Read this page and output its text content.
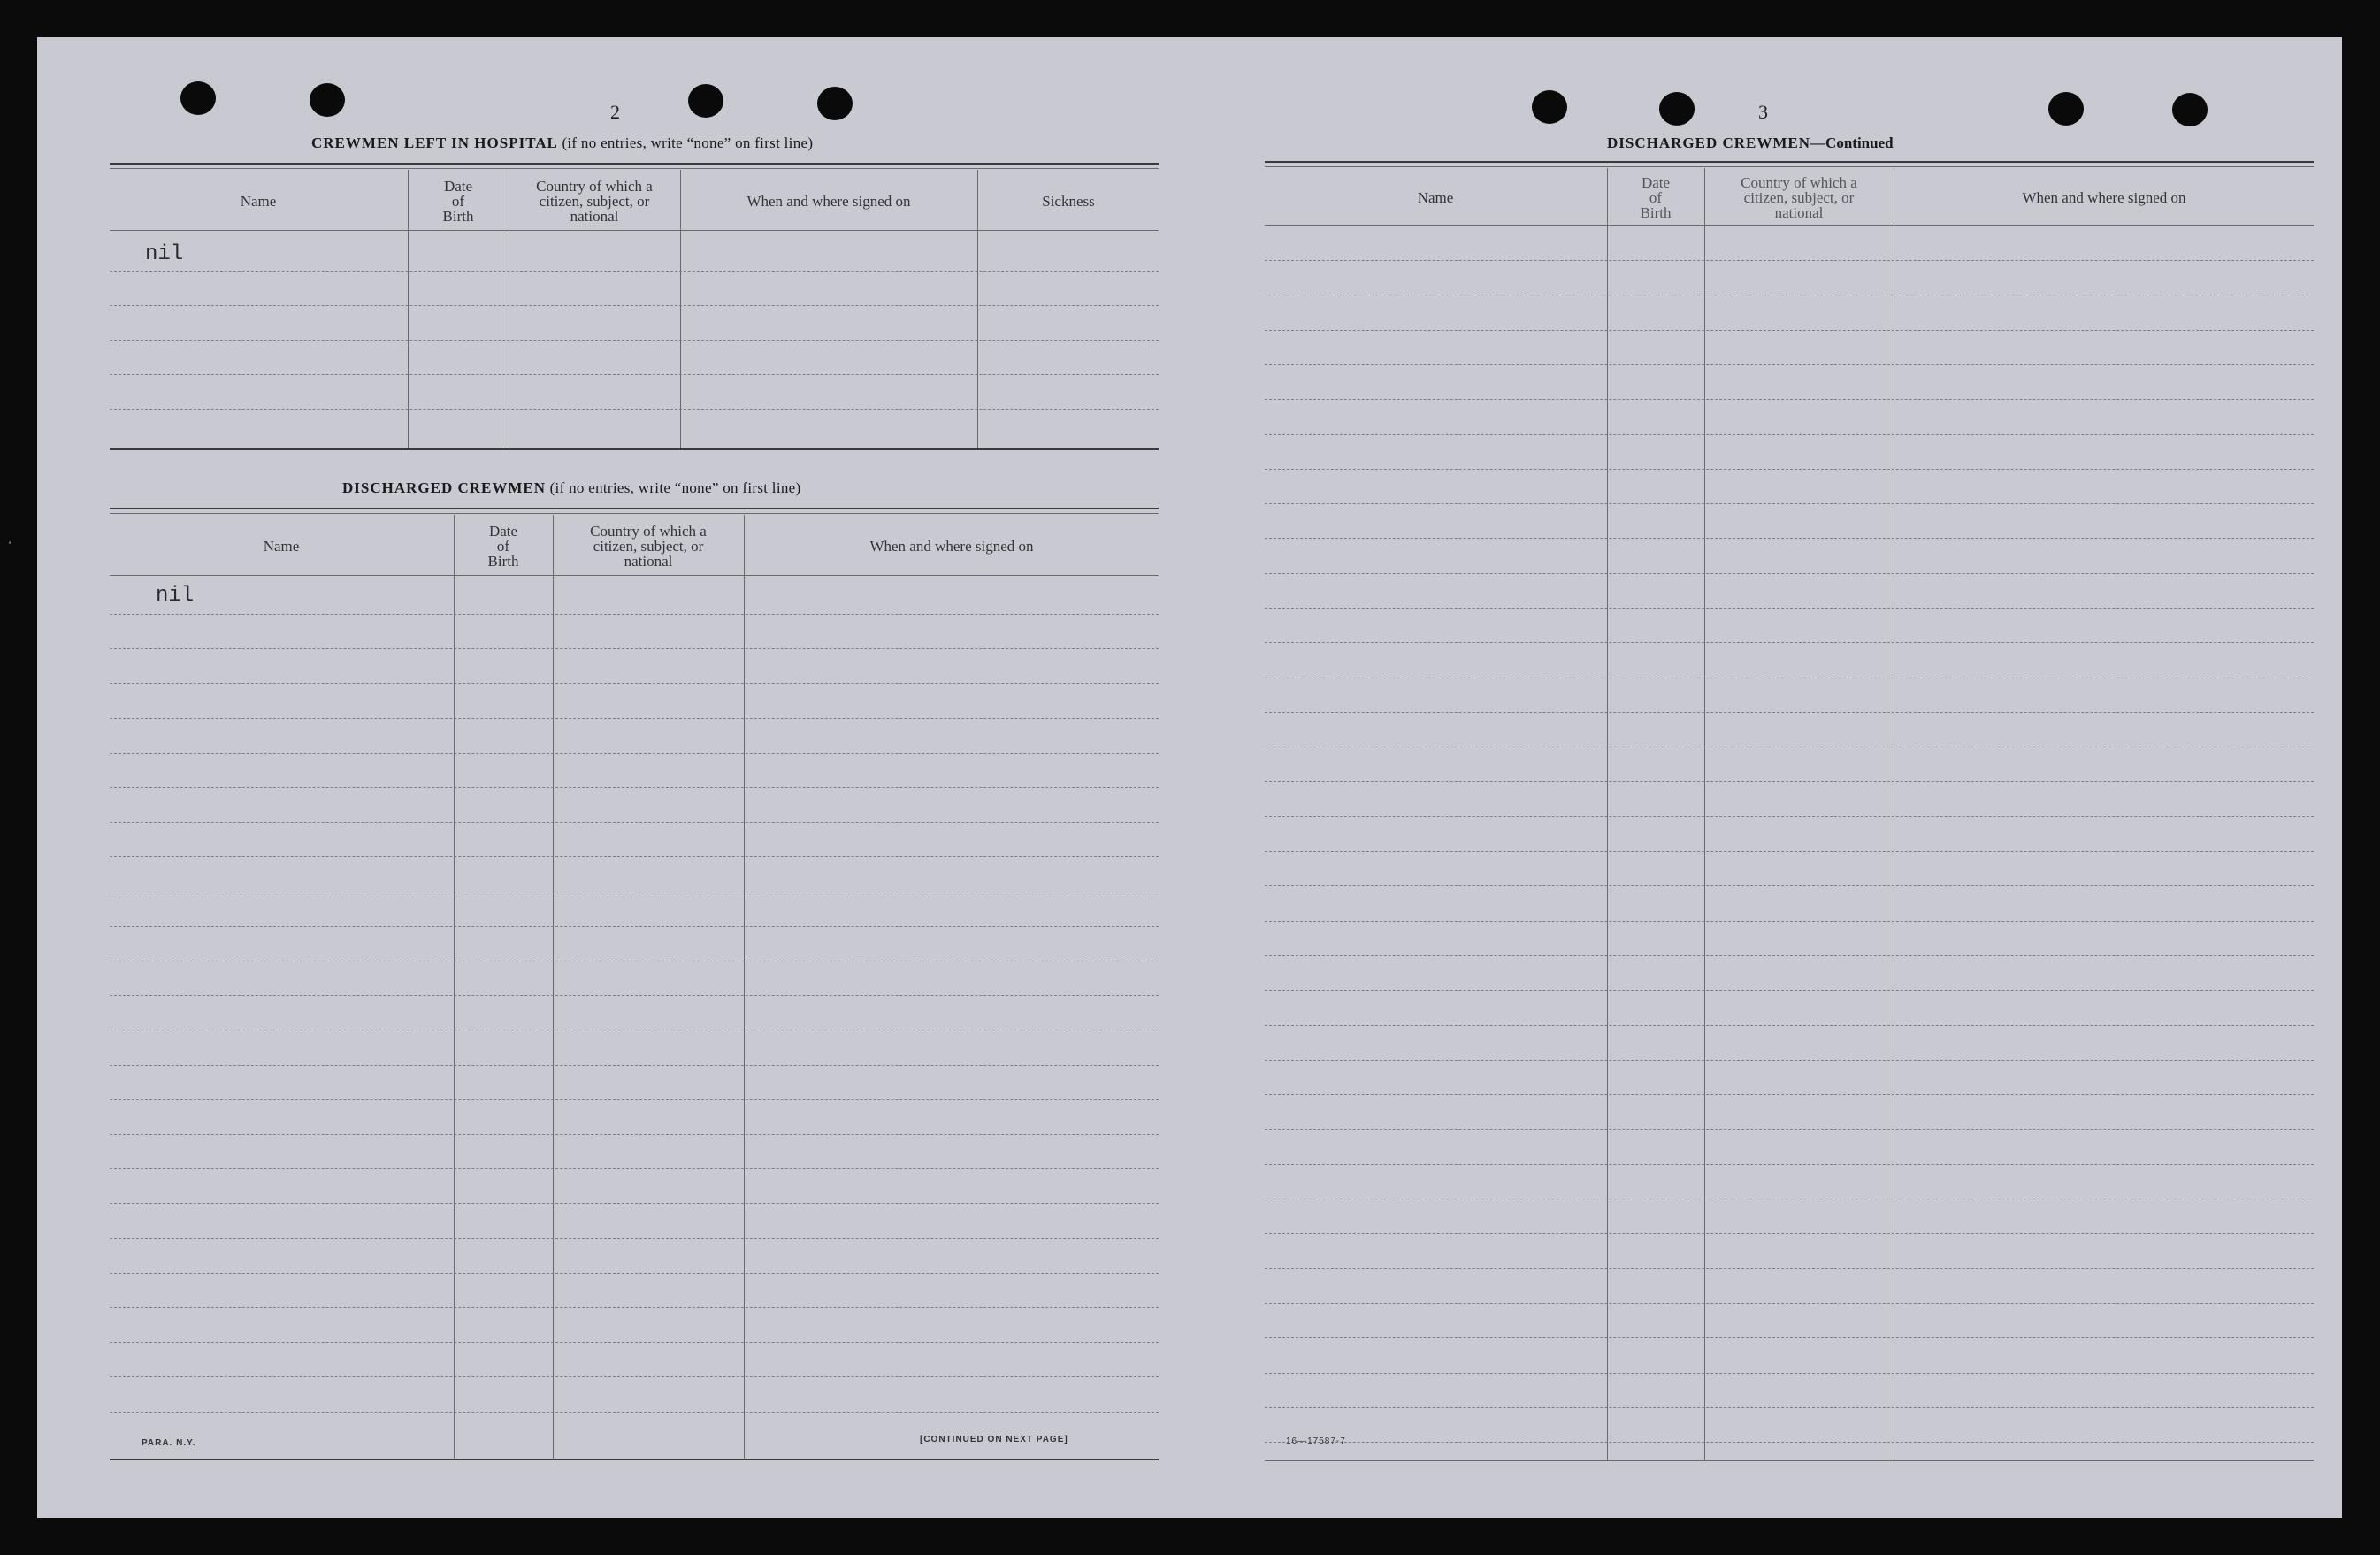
2
CREWMEN LEFT IN HOSPITAL (if no entries, write “none” on first line)
Name
Date
of
Birth
Country of which a
citizen, subject, or
national
When and where signed on	Sickness
nil
DISCHARGED CREWMEN (if no entries, write “none” on first line)
Name
Date
of
Birth
Country of which a
citizen, subject, or
national
When and where signed on
nil
PARA. N.Y.	[CONTINUED ON NEXT PAGE]
3
DISCHARGED CREWMEN—Continued
Name
Date
of
Birth
Country of which a
citizen, subject, or
national
When and where signed on
16—17587-7
